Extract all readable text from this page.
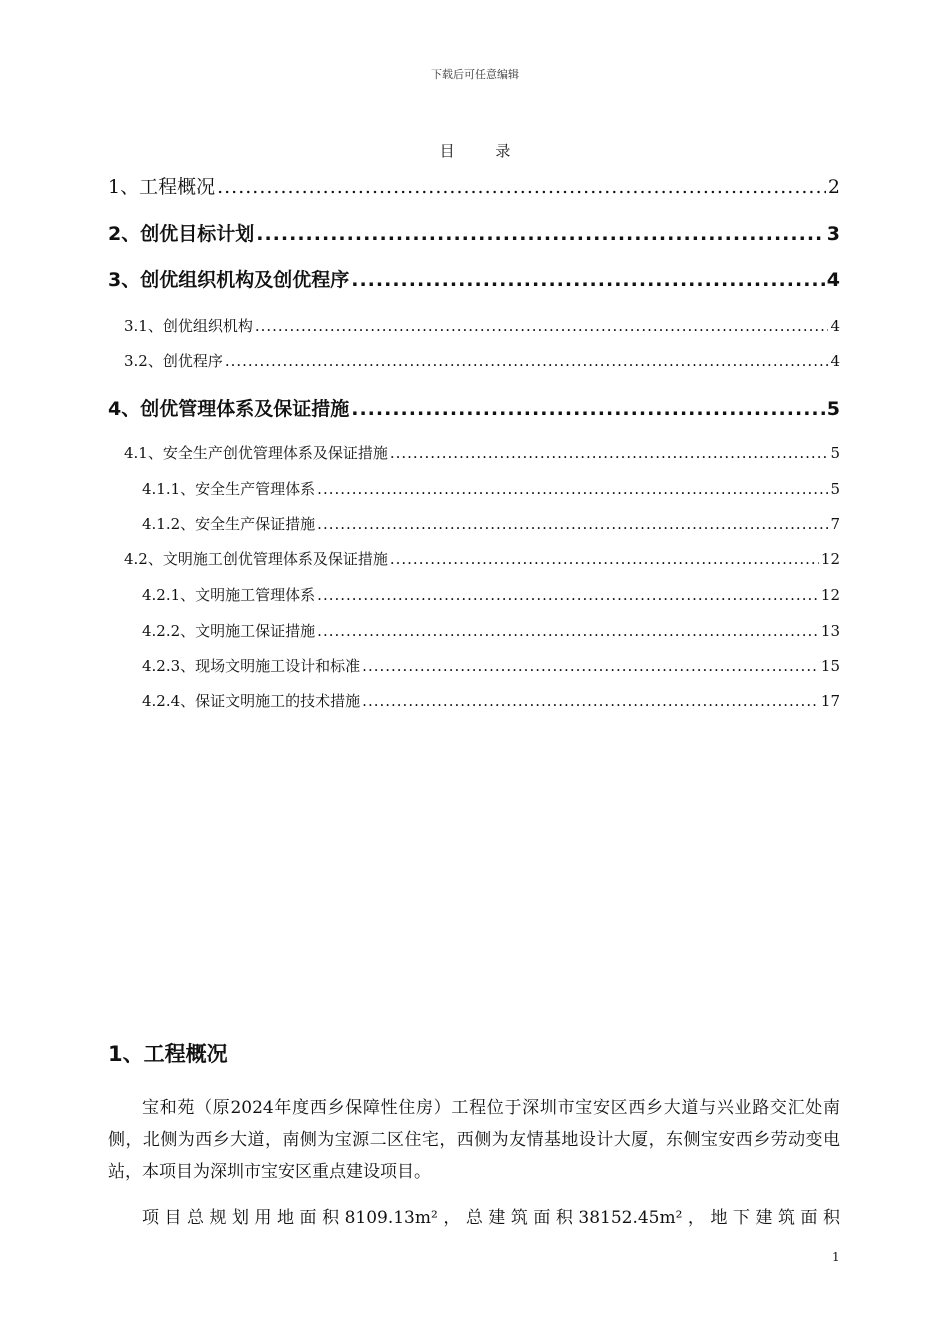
下载后可任意编辑
目 录
1、工程概况 .....	2
2、创优目标计划 .....	3
3、创优组织机构及创优程序 .....	4
3.1、创优组织机构 .....	4
3.2、创优程序 .....	4
4、创优管理体系及保证措施 .....	5
4.1、安全生产创优管理体系及保证措施 .....	5
4.1.1、安全生产管理体系 .....	5
4.1.2、安全生产保证措施 .....	7
4.2、文明施工创优管理体系及保证措施 .....	12
4.2.1、文明施工管理体系 .....	12
4.2.2、文明施工保证措施 .....	13
4.2.3、现场文明施工设计和标准 .....	15
4.2.4、保证文明施工的技术措施 .....	17
1、工程概况
宝和苑（原2024年度西乡保障性住房）工程位于深圳市宝安区西乡大道与兴业路交汇处南侧，北侧为西乡大道，南侧为宝源二区住宅，西侧为友情基地设计大厦，东侧宝安西乡劳动变电站，本项目为深圳市宝安区重点建设项目。
项目总规划用地面积8109.13m²，总建筑面积38152.45m²，地下建筑面积
1
